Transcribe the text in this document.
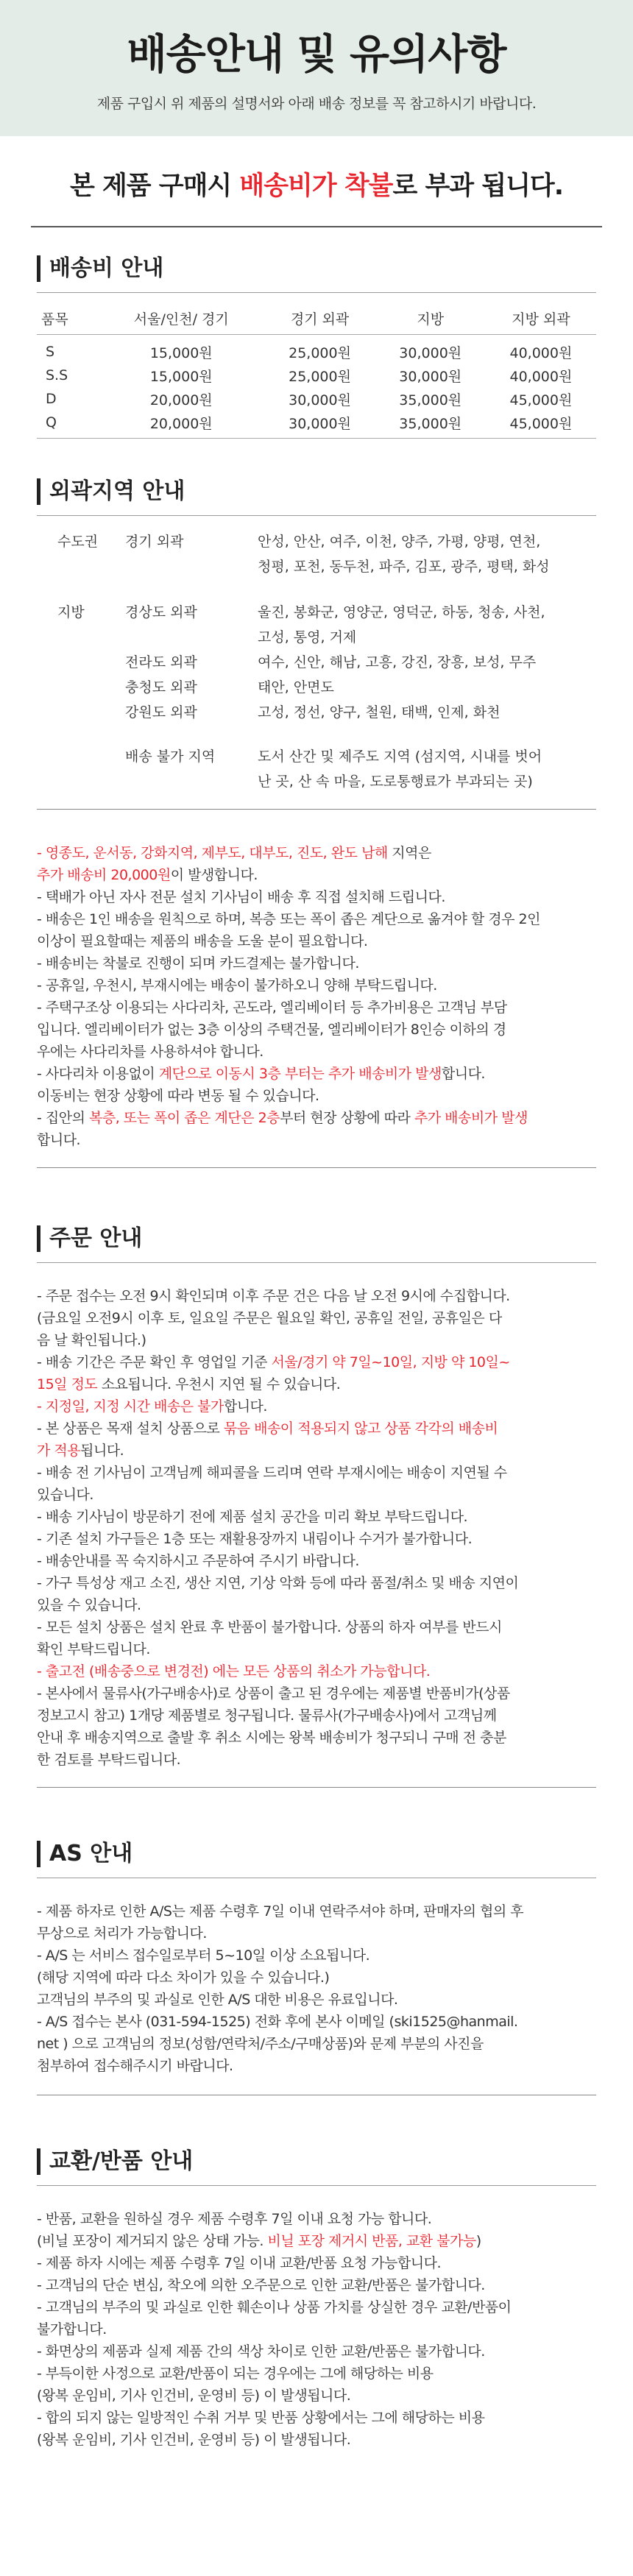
배송안내 및 유의사항

제품 구입시 위 제품의 설명서와 아래 배송 정보를 꼭 참고하시기 바랍니다.

본 제품 구매시 배송비가 착불로 부과 됩니다.
배송비 안내
품목	서울/인천/ 경기	경기 외곽	지방	지방 외곽
S	15,000원	25,000원	30,000원	40,000원
S.S	15,000원	25,000원	30,000원	40,000원
D	20,000원	30,000원	35,000원	45,000원
Q	20,000원	30,000원	35,000원	45,000원
외곽지역 안내
수도권	경기 외곽	안성, 안산, 여주, 이천, 양주, 가평, 양평, 연천,
청평, 포천, 동두천, 파주, 김포, 광주, 평택, 화성
지방	경상도 외곽	울진, 봉화군, 영양군, 영덕군, 하동, 청송, 사천,
고성, 통영, 거제
전라도 외곽	여수, 신안, 해남, 고흥, 강진, 장흥, 보성, 무주
충청도 외곽	태안, 안면도
강원도 외곽	고성, 정선, 양구, 철원, 태백, 인제, 화천
배송 불가 지역	도서 산간 및 제주도 지역 (섬지역, 시내를 벗어
난 곳, 산 속 마을, 도로통행료가 부과되는 곳)
- 영종도, 운서동, 강화지역, 제부도, 대부도, 진도, 완도 남해 지역은
추가 배송비 20,000원이 발생합니다.
- 택배가 아닌 자사 전문 설치 기사님이 배송 후 직접 설치해 드립니다.
- 배송은 1인 배송을 원칙으로 하며, 복층 또는 폭이 좁은 계단으로 옮겨야 할 경우 2인
이상이 필요할때는 제품의 배송을 도울 분이 필요합니다.
- 배송비는 착불로 진행이 되며 카드결제는 불가합니다.
- 공휴일, 우천시, 부재시에는 배송이 불가하오니 양해 부탁드립니다.
- 주택구조상 이용되는 사다리차, 곤도라, 엘리베이터 등 추가비용은 고객님 부담
입니다. 엘리베이터가 없는 3층 이상의 주택건물, 엘리베이터가 8인승 이하의 경
우에는 사다리차를 사용하셔야 합니다.
- 사다리차 이용없이 계단으로 이동시 3층 부터는 추가 배송비가 발생합니다.
이동비는 현장 상황에 따라 변동 될 수 있습니다.
- 집안의 복층, 또는 폭이 좁은 계단은 2층부터 현장 상황에 따라 추가 배송비가 발생
합니다.
주문 안내
- 주문 접수는 오전 9시 확인되며 이후 주문 건은 다음 날 오전 9시에 수집합니다.
(금요일 오전9시 이후 토, 일요일 주문은 월요일 확인, 공휴일 전일, 공휴일은 다
음 날 확인됩니다.)
- 배송 기간은 주문 확인 후 영업일 기준 서울/경기 약 7일~10일, 지방 약 10일~
15일 정도 소요됩니다. 우천시 지연 될 수 있습니다.
- 지정일, 지정 시간 배송은 불가합니다.
- 본 상품은 목재 설치 상품으로 묶음 배송이 적용되지 않고 상품 각각의 배송비
가 적용됩니다.
- 배송 전 기사님이 고객님께 해피콜을 드리며 연락 부재시에는 배송이 지연될 수
있습니다.
- 배송 기사님이 방문하기 전에 제품 설치 공간을 미리 확보 부탁드립니다.
- 기존 설치 가구들은 1층 또는 재활용장까지 내림이나 수거가 불가합니다.
- 배송안내를 꼭 숙지하시고 주문하여 주시기 바랍니다.
- 가구 특성상 재고 소진, 생산 지연, 기상 악화 등에 따라 품절/취소 및 배송 지연이
있을 수 있습니다.
- 모든 설치 상품은 설치 완료 후 반품이 불가합니다. 상품의 하자 여부를 반드시
확인 부탁드립니다.
- 출고전 (배송중으로 변경전) 에는 모든 상품의 취소가 가능합니다.
- 본사에서 물류사(가구배송사)로 상품이 출고 된 경우에는 제품별 반품비가(상품
정보고시 참고) 1개당 제품별로 청구됩니다. 물류사(가구배송사)에서 고객님께
안내 후 배송지역으로 출발 후 취소 시에는 왕복 배송비가 청구되니 구매 전 충분
한 검토를 부탁드립니다.
AS 안내
- 제품 하자로 인한 A/S는 제품 수령후 7일 이내 연락주셔야 하며, 판매자의 협의 후
무상으로 처리가 가능합니다.
- A/S 는 서비스 접수일로부터 5~10일 이상 소요됩니다.
(해당 지역에 따라 다소 차이가 있을 수 있습니다.)
고객님의 부주의 및 과실로 인한 A/S 대한 비용은 유료입니다.
- A/S 접수는 본사 (031-594-1525) 전화 후에 본사 이메일 (ski1525@hanmail.
net ) 으로 고객님의 정보(성함/연락처/주소/구매상품)와 문제 부분의 사진을
첨부하여 접수해주시기 바랍니다.
교환/반품 안내
- 반품, 교환을 원하실 경우 제품 수령후 7일 이내 요청 가능 합니다.
(비닐 포장이 제거되지 않은 상태 가능. 비닐 포장 제거시 반품, 교환 불가능)
- 제품 하자 시에는 제품 수령후 7일 이내 교환/반품 요청 가능합니다.
- 고객님의 단순 변심, 착오에 의한 오주문으로 인한 교환/반품은 불가합니다.
- 고객님의 부주의 및 과실로 인한 훼손이나 상품 가치를 상실한 경우 교환/반품이
불가합니다.
- 화면상의 제품과 실제 제품 간의 색상 차이로 인한 교환/반품은 불가합니다.
- 부득이한 사정으로 교환/반품이 되는 경우에는 그에 해당하는 비용
(왕복 운임비, 기사 인건비, 운영비 등) 이 발생됩니다.
- 합의 되지 않는 일방적인 수취 거부 및 반품 상황에서는 그에 해당하는 비용
(왕복 운임비, 기사 인건비, 운영비 등) 이 발생됩니다.
